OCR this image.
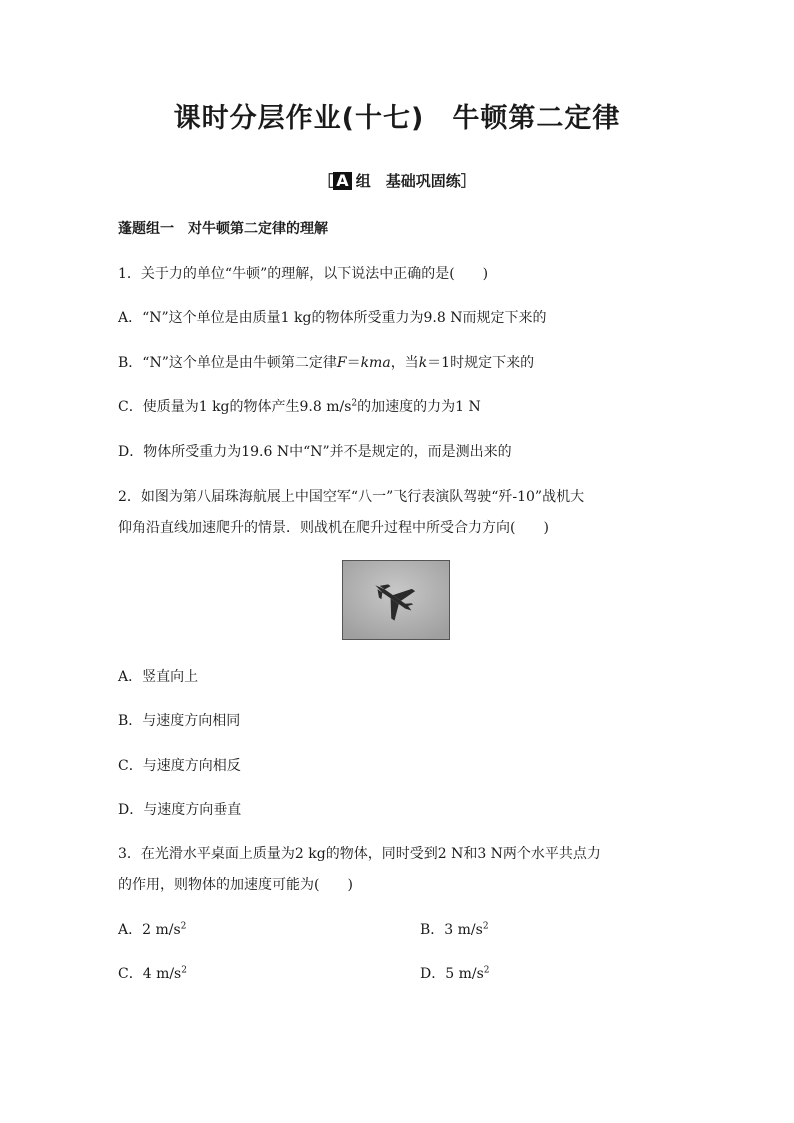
课时分层作业(十七)　牛顿第二定律
［ A 组　基础巩固练］
蓬题组一　对牛顿第二定律的理解
1．关于力的单位“牛顿”的理解，以下说法中正确的是(　　)
A．“N”这个单位是由质量1 kg的物体所受重力为9.8 N而规定下来的
B．“N”这个单位是由牛顿第二定律F＝kma，当k＝1时规定下来的
C．使质量为1 kg的物体产生9.8 $m/s^2$的加速度的力为1 N
D．物体所受重力为19.6 N中“N”并不是规定的，而是测出来的
2．如图为第八届珠海航展上中国空军“八一”飞行表演队驾驶“歼-10”战机大
仰角沿直线加速爬升的情景．则战机在爬升过程中所受合力方向(　　)
A．竖直向上
B．与速度方向相同
C．与速度方向相反
D．与速度方向垂直
3．在光滑水平桌面上质量为2 kg的物体，同时受到2 N和3 N两个水平共点力
的作用，则物体的加速度可能为(　　)
A．2 $m/s^2$	B．3 $m/s^2$
C．4 $m/s^2$	D．5 $m/s^2$
